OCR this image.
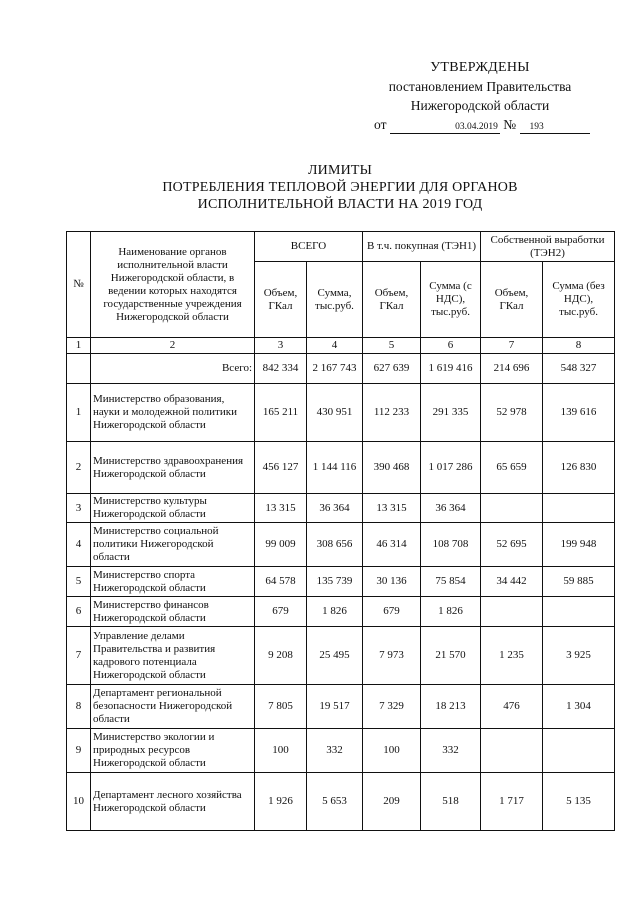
УТВЕРЖДЕНЫ
постановлением Правительства
Нижегородской области
от	03.04.2019 № 193
ЛИМИТЫ
ПОТРЕБЛЕНИЯ ТЕПЛОВОЙ ЭНЕРГИИ ДЛЯ ОРГАНОВ
ИСПОЛНИТЕЛЬНОЙ ВЛАСТИ НА 2019 ГОД
№	Наименование органов исполнительной власти Нижегородской области, в ведении которых находятся государственные учреждения Нижегородской области	ВСЕГО		В т.ч. покупная (ТЭН1)		Собственной выработки (ТЭН2)	
		Объем, ГКал	Сумма, тыс.руб.	Объем, ГКал	Сумма (с НДС), тыс.руб.	Объем, ГКал	Сумма (без НДС), тыс.руб.
1	2	3	4	5	6	7	8
	Всего:	842 334	2 167 743	627 639	1 619 416	214 696	548 327
1	Министерство образования, науки и молодежной политики Нижегородской области	165 211	430 951	112 233	291 335	52 978	139 616
2	Министерство здравоохранения Нижегородской области	456 127	1 144 116	390 468	1 017 286	65 659	126 830
3	Министерство культуры Нижегородской области	13 315	36 364	13 315	36 364		
4	Министерство социальной политики Нижегородской области	99 009	308 656	46 314	108 708	52 695	199 948
5	Министерство спорта Нижегородской области	64 578	135 739	30 136	75 854	34 442	59 885
6	Министерство финансов Нижегородской области	679	1 826	679	1 826		
7	Управление делами Правительства и развития кадрового потенциала Нижегородской области	9 208	25 495	7 973	21 570	1 235	3 925
8	Департамент региональной безопасности Нижегородской области	7 805	19 517	7 329	18 213	476	1 304
9	Министерство экологии и природных ресурсов Нижегородской области	100	332	100	332		
10	Департамент лесного хозяйства Нижегородской области	1 926	5 653	209	518	1 717	5 135
